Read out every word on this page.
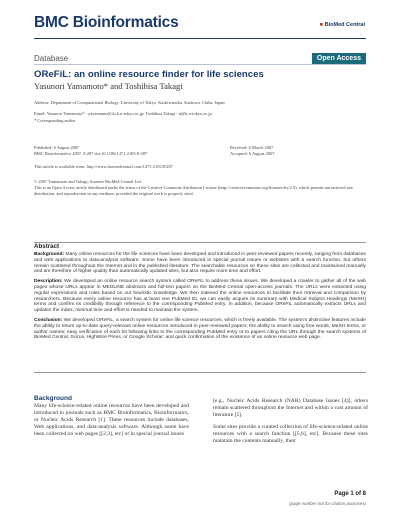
BMC Bioinformatics	■ BioMed Central
Database	Open Access
OReFiL: an online resource finder for life sciences
Yasunori Yamamoto* and Toshihisa Takagi
Address: Department of Computational Biology, University of Tokyo, Kashiwanoha, Kashiwa, Chiba, Japan
Email: Yasunori Yamamoto* - yayamamo@cb.k.u-tokyo.ac.jp; Toshihisa Takagi - tt@k.u-tokyo.ac.jp
* Corresponding author
Published: 6 August 2007
BMC Bioinformatics 2007, 8:287 doi:10.1186/1471-2105-8-287
Received: 6 March 2007
Accepted: 6 August 2007
This article is available from: http://www.biomedcentral.com/1471-2105/8/287
© 2007 Yamamoto and Takagi; licensee BioMed Central Ltd.
This is an Open Access article distributed under the terms of the Creative Commons Attribution License (http://creativecommons.org/licenses/by/2.0), which permits unrestricted use, distribution, and reproduction in any medium, provided the original work is properly cited.
Abstract

Background: Many online resources for the life sciences have been developed and introduced in peer-reviewed papers recently, ranging from databases and web applications to data-analysis software. Some have been introduced in special journal issues or websites with a search function, but others remain scattered throughout the Internet and in the published literature. The searchable resources on these sites are collected and maintained manually and are therefore of higher quality than automatically updated sites, but also require more time and effort.

Description: We developed an online resource search system called OReFiL to address these issues. We developed a crawler to gather all of the web pages whose URLs appear in MEDLINE abstracts and full-text papers on the BioMed Central open-access journals. The URLs were extracted using regular expressions and rules based on our heuristic knowledge. We then indexed the online resources to facilitate their retrieval and comparison by researchers. Because every online resource has at least one PubMed ID, we can easily acquire its summary with Medical Subject Headings (MeSH) terms and confirm its credibility through reference to the corresponding PubMed entry. In addition, because OReFiL automatically extracts URLs and updates the index, minimal time and effort is needed to maintain the system.

Conclusion: We developed OReFiL, a search system for online life science resources, which is freely available. The system's distinctive features include the ability to return up-to-date query-relevant online resources introduced in peer-reviewed papers; the ability to search using free words, MeSH terms, or author names; easy verification of each hit following links to the corresponding PubMed entry or to papers citing the URL through the search systems of BioMed Central, Scirus, HighWire Press, or Google Scholar; and quick confirmation of the existence of an online resource web page.

Background
Many life-science-related online resources have been developed and introduced in journals such as BMC Bioinformatics, Bioinformatics, or Nucleic Acids Research [1]. These resources include databases, Web applications, and data-analysis software. Although some have been collected on web pages [[2,3], etc] or in special journal issues

[e.g., Nucleic Acids Research (NAR) Database Issues [4]], others remain scattered throughout the Internet and within a vast amount of literature [5].

Some sites provide a curated collection of life-science-related online resources with a search function [[5,6], etc]. Because these sites maintain the contents manually, their

Page 1 of 8
(page number not for citation purposes)
